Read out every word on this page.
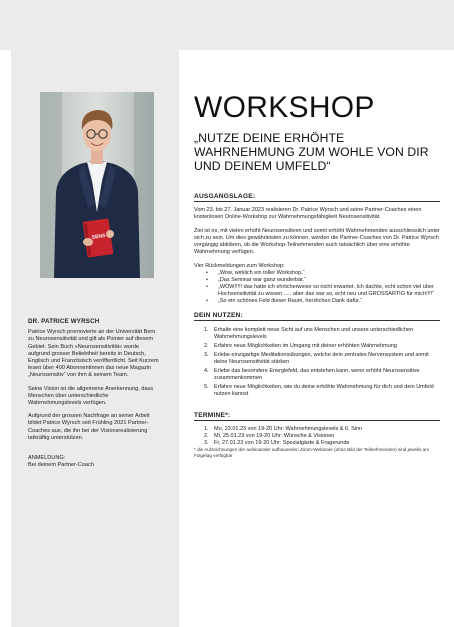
SENS
DR. PATRICE WYRSCH

Patrice Wyrsch promovierte an der Universität Bern zu Neurosensitivität und gilt als Pionier auf diesem Gebiet. Sein Buch »Neurosensitivität« wurde aufgrund grosser Beliebtheit bereits in Deutsch, Englisch und Französisch veröffentlicht. Seit Kurzem lesen über 400 Abonnentinnen das neue Magazin „Neurosensitiv“ von ihm & seinem Team.

Seine Vision ist die allgemeine Anerkennung, dass Menschen über unterschiedliche Wahrnehmungslevels verfügen.

Aufgrund der grossen Nachfrage an seiner Arbeit bildet Patrice Wyrsch seit Frühling 2021 Partner-Coaches aus, die ihn bei der Visionsrealisierung tatkräftig unterstützen.

ANMELDUNG:
Bei deinem Partner-Coach
WORKSHOP
„NUTZE DEINE ERHÖHTE WAHRNEHMUNG ZUM WOHLE VON DIR UND DEINEM UMFELD“
AUSGANGSLAGE:

Vom 23. bis 27. Januar 2023 realisieren Dr. Patrice Wyrsch und seine Partner-Coaches einen kostenlosen Online-Workshop zur Wahrnehmungsfähigkeit Neurosensitivität.

Ziel ist es, mit vielen erhöht Neurosensitiven und somit erhöht Wahrnehmenden ausschliesslich unter sich zu sein. Um dies gewährleisten zu können, werden die Partner-Coaches von Dr. Patrice Wyrsch vorgängig abklären, ob die Workshop-Teilnehmenden auch tatsächlich über eine erhöhte Wahrnehmung verfügen.

Vier Rückmeldungen zum Workshop:

• „Wow, wirklich ein toller Workshop.“
• „Das Seminar war ganz wunderbar.“
• „WOW!!!!! das hatte ich ehrlicherweise so nicht erwartet. Ich dachte, echt schon viel über Hochsensitivität zu wissen...... aber das war so, echt neu und GROSSARTIG für mich!!!!“
• „So ein schönes Feld dieser Raum, herzlichen Dank dafür.“
DEIN NUTZEN:
1. Erhalte eine komplett neue Sicht auf uns Menschen und unsere unterschiedlichen Wahrnehmungslevels
2. Erfahre neue Möglichkeiten im Umgang mit deiner erhöhten Wahrnehmung
3. Erlebe einzigartige Meditationsübungen, welche dein zentrales Nervensystem und somit deine Neurosensitivität stärken
4. Erlebe das besondere Energiefeld, das entstehen kann, wenn erhöht Neurosensitive zusammenkommen
5. Erfahre neue Möglichkeiten, wie du deine erhöhte Wahrnehmung für dich und dein Umfeld nutzen kannst
TERMINE*:
1. Mo, 23.01.23 von 19-20 Uhr: Wahrnehmungslevels & 6. Sinn
2. Mi, 25.01.23 von 19-20 Uhr: Wünsche & Visionen
3. Fr, 27.01.23 von 19-20 Uhr: Spezialgäste & Fragerunde
* die Aufzeichnungen der aufeinander aufbauenden Zoom-Webinare (ohne Bild der Teilnehmenden) sind jeweils am Folgetag verfügbar
